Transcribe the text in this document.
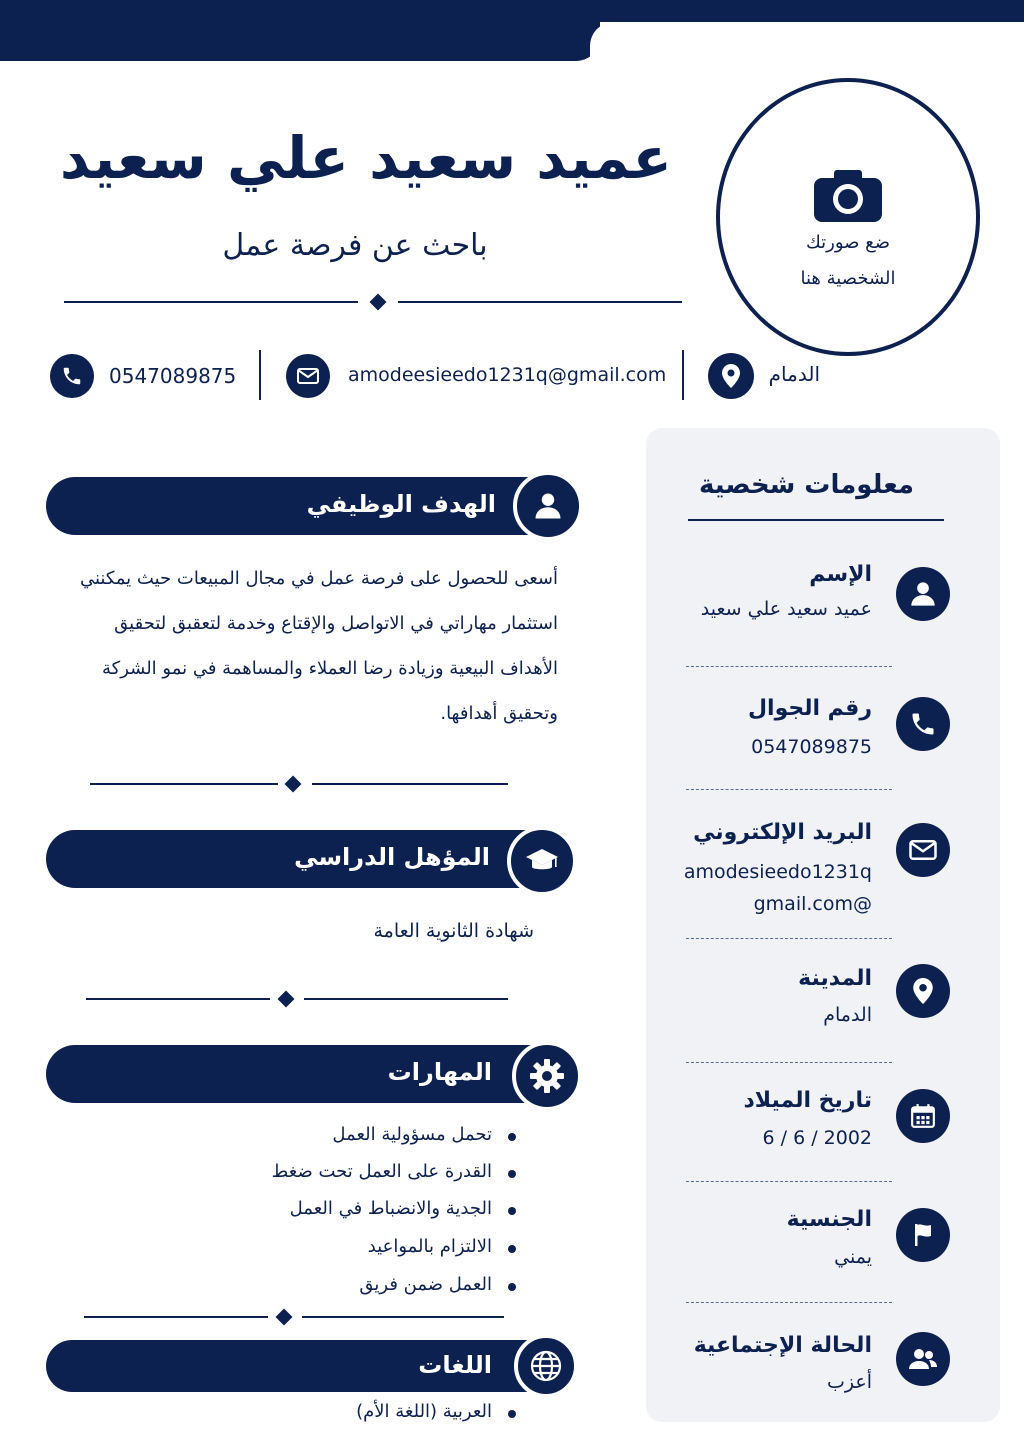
ضع صورتك
الشخصية هنا
عميد سعيد علي سعيد
باحث عن فرصة عمل
0547089875	amodeesieedo1231q@gmail.com	الدمام
معلومات شخصية
الإسم
عميد سعيد علي سعيد
رقم الجوال
0547089875
البريد الإلكتروني
amodesieedo1231q
@gmail.com
المدينة
الدمام
تاريخ الميلاد
6 / 6 / 2002
الجنسية
يمني
الحالة الإجتماعية
أعزب
الهدف الوظيفي
أسعى للحصول على فرصة عمل في مجال المبيعات حيث يمكنني
استثمار مهاراتي في الاتواصل والإقتاع وخدمة لتعقبق لتحقيق
الأهداف البيعية وزيادة رضا العملاء والمساهمة في نمو الشركة
وتحقيق أهدافها.
المؤهل الدراسي
شهادة الثانوية العامة
المهارات
تحمل مسؤولية العمل
القدرة على العمل تحت ضغط
الجدية والانضباط في العمل
الالتزام بالمواعيد
العمل ضمن فريق
اللغات
العربية (اللغة الأم)
